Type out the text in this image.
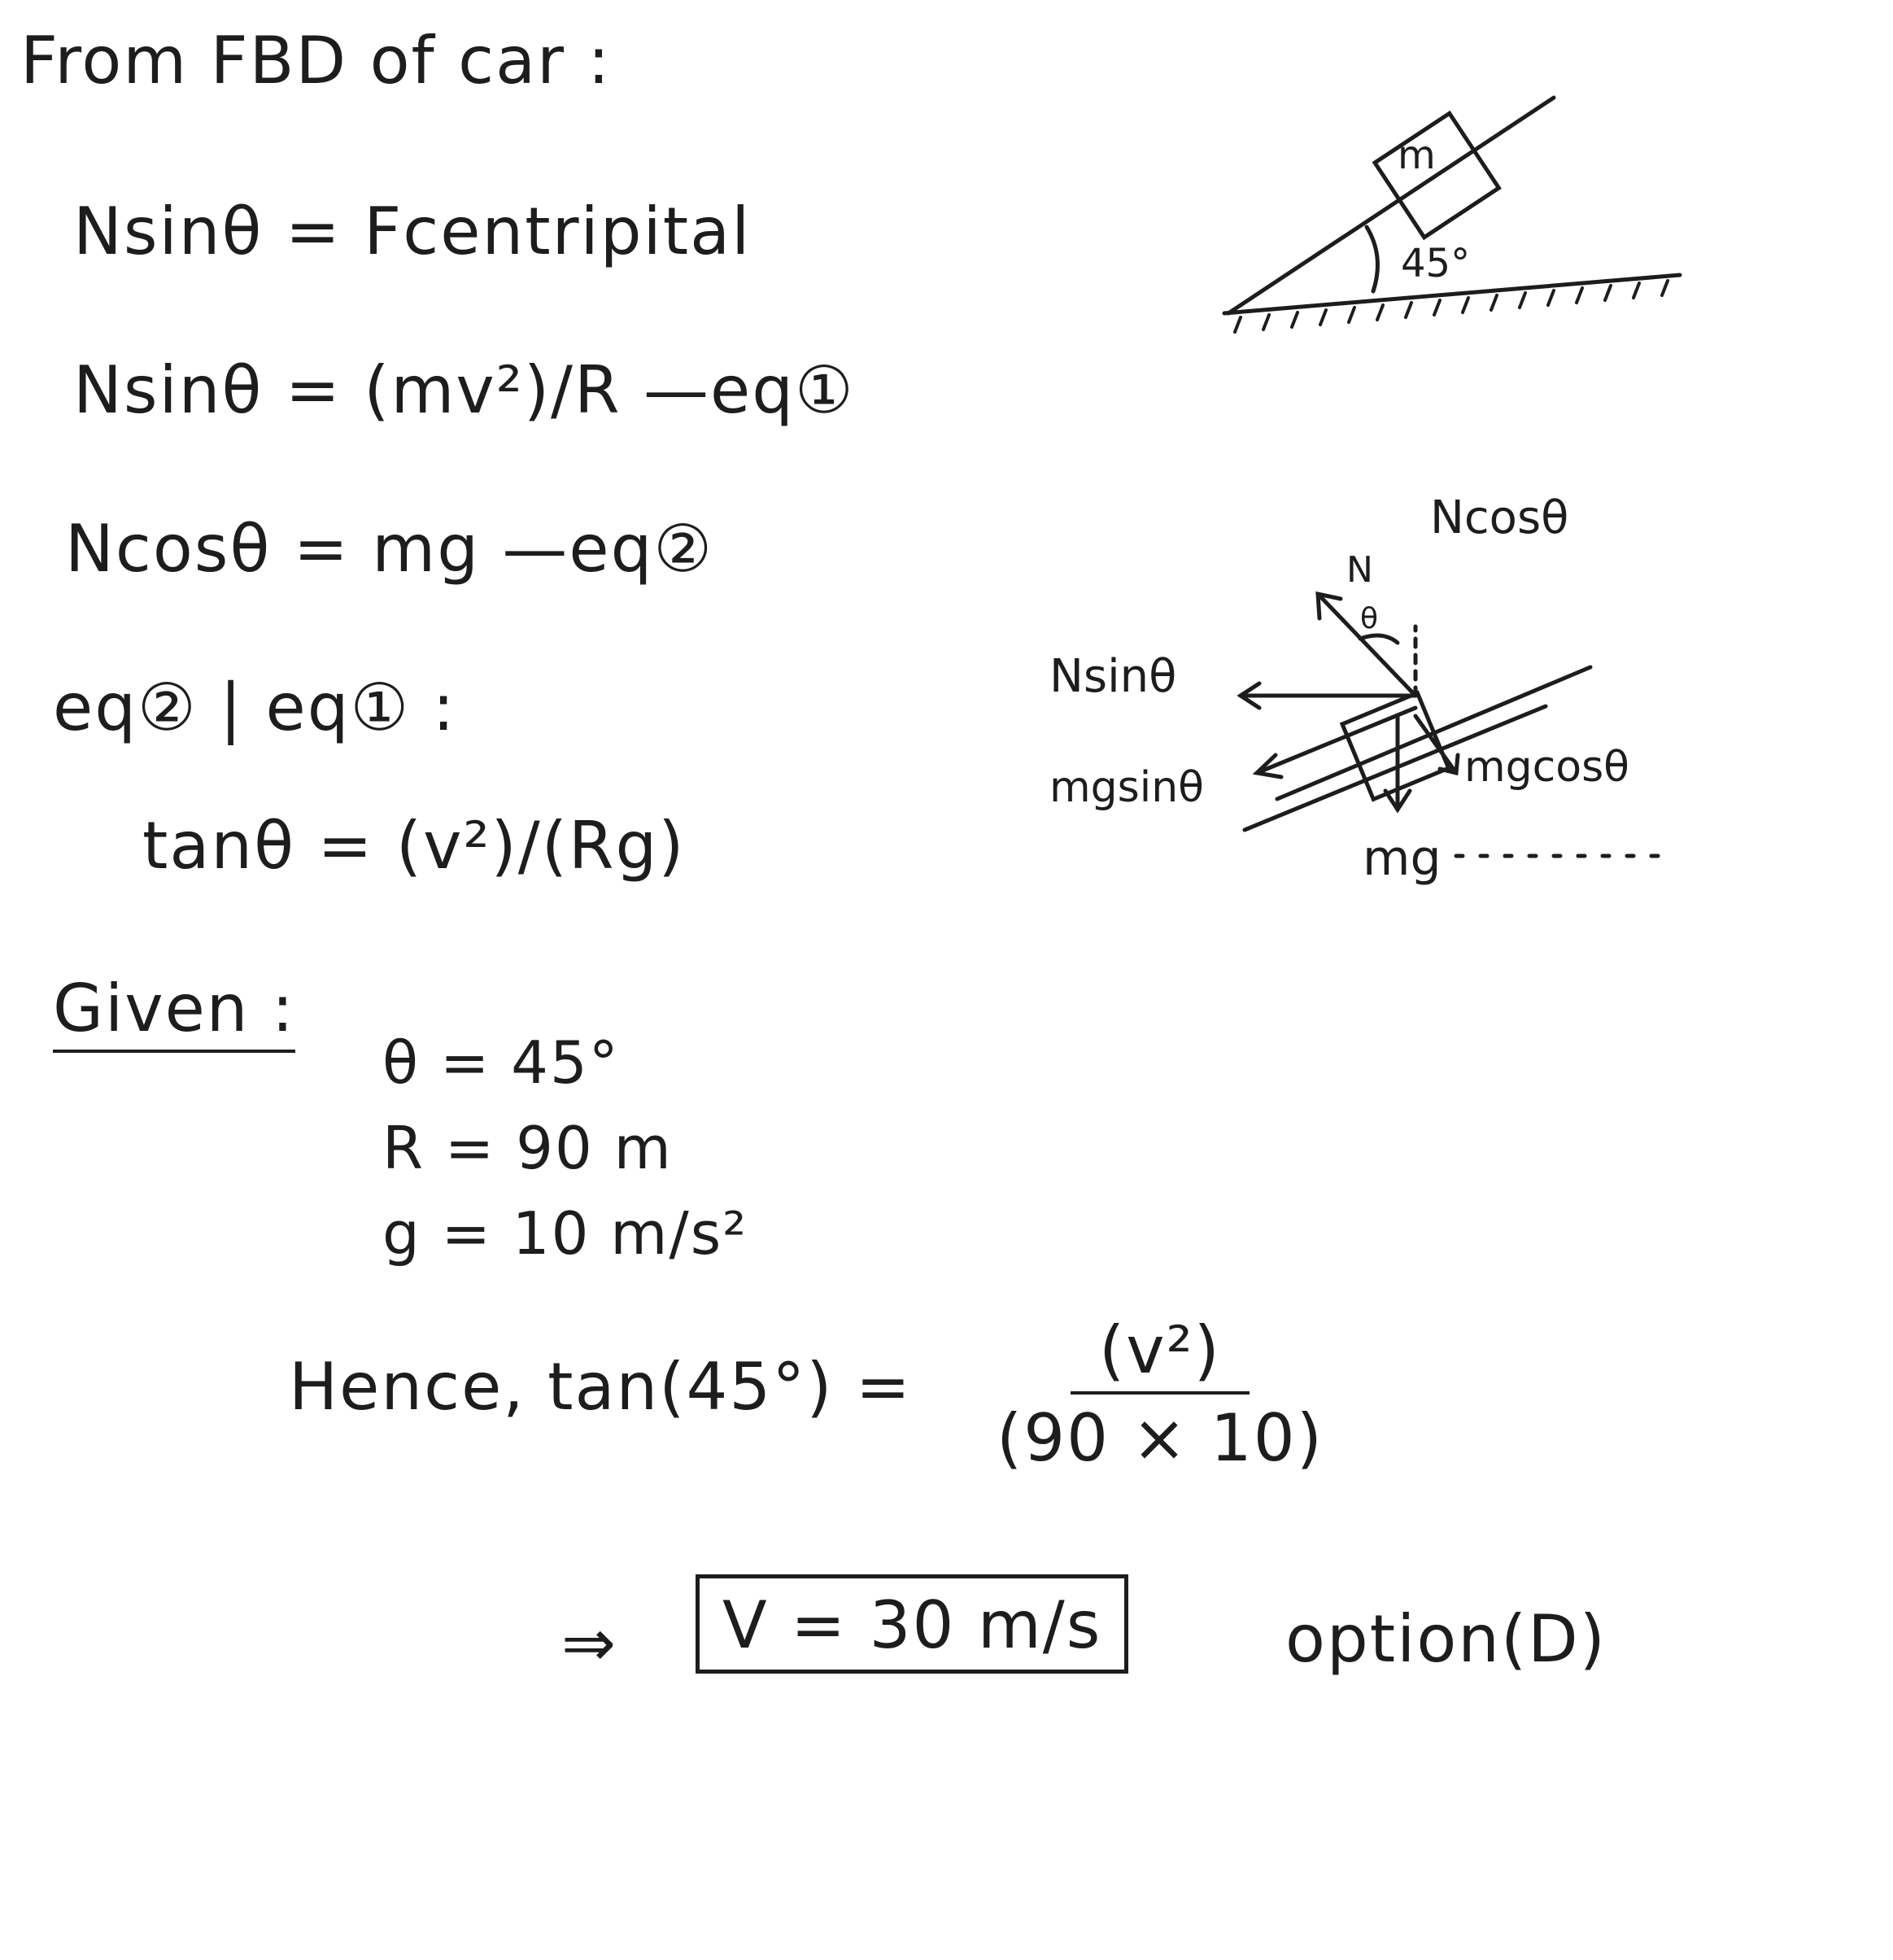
From FBD of car :
Nsinθ = Fcentripital
Nsinθ = (mv²)/R —eq①
Ncosθ = mg —eq②
eq② | eq① :
tanθ = (v²)/(Rg)
Given :
θ = 45°
R = 90 m
g = 10 m/s²
Hence, tan(45°) =	(v²)
(90 × 10)
⇒	V = 30 m/s	option(D)
m
45°
N
θ
Ncosθ
Nsinθ
mgsinθ	mgcosθ
mg
